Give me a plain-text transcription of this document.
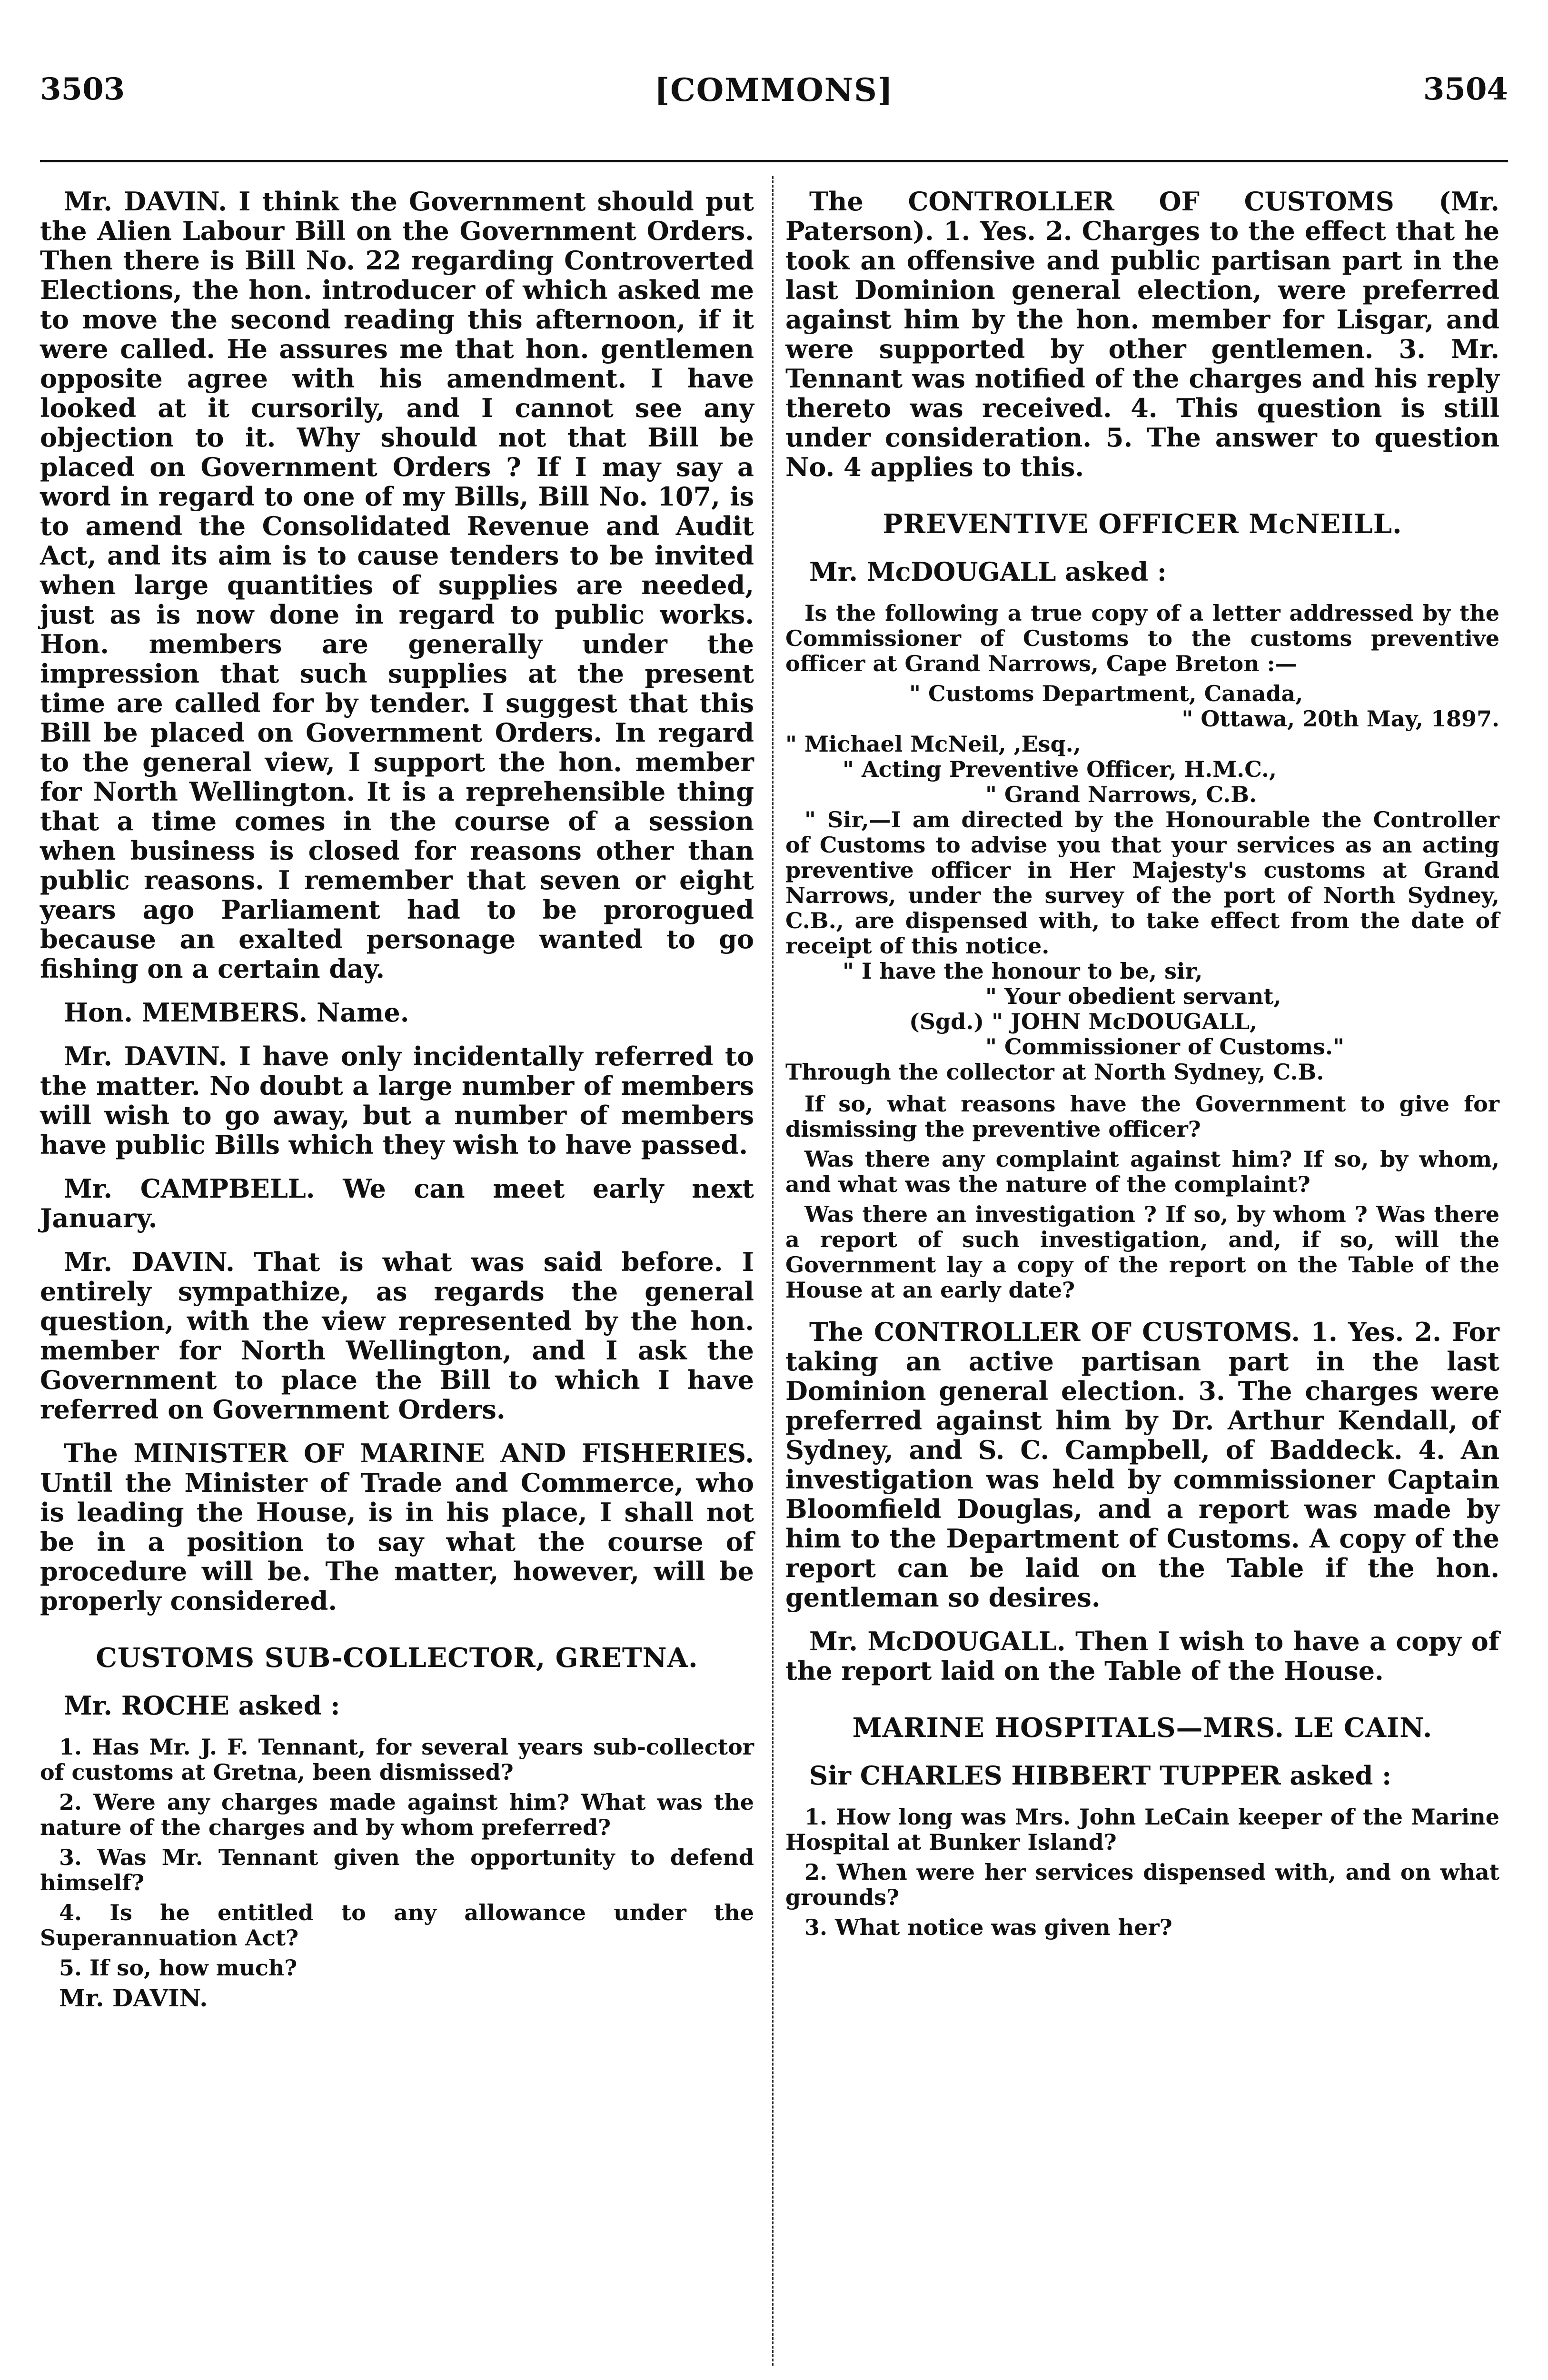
3503	[COMMONS]	3504

Mr. DAVIN. I think the Government should put the Alien Labour Bill on the Government Orders. Then there is Bill No. 22 regarding Controverted Elections, the hon. introducer of which asked me to move the second reading this afternoon, if it were called. He assures me that hon. gentlemen opposite agree with his amendment. I have looked at it cursorily, and I cannot see any objection to it. Why should not that Bill be placed on Government Orders ? If I may say a word in regard to one of my Bills, Bill No. 107, is to amend the Consolidated Revenue and Audit Act, and its aim is to cause tenders to be invited when large quantities of supplies are needed, just as is now done in regard to public works. Hon. members are generally under the impression that such supplies at the present time are called for by tender. I suggest that this Bill be placed on Government Orders. In regard to the general view, I support the hon. member for North Wellington. It is a reprehensible thing that a time comes in the course of a session when business is closed for reasons other than public reasons. I remember that seven or eight years ago Parliament had to be prorogued because an exalted personage wanted to go fishing on a certain day.

Hon. MEMBERS. Name.

Mr. DAVIN. I have only incidentally referred to the matter. No doubt a large number of members will wish to go away, but a number of members have public Bills which they wish to have passed.

Mr. CAMPBELL. We can meet early next January.

Mr. DAVIN. That is what was said before. I entirely sympathize, as regards the general question, with the view represented by the hon. member for North Wellington, and I ask the Government to place the Bill to which I have referred on Government Orders.

The MINISTER OF MARINE AND FISHERIES. Until the Minister of Trade and Commerce, who is leading the House, is in his place, I shall not be in a position to say what the course of procedure will be. The matter, however, will be properly considered.

CUSTOMS SUB-COLLECTOR, GRETNA.

Mr. ROCHE asked :

1. Has Mr. J. F. Tennant, for several years sub-collector of customs at Gretna, been dismissed?
2. Were any charges made against him? What was the nature of the charges and by whom preferred?
3. Was Mr. Tennant given the opportunity to defend himself?
4. Is he entitled to any allowance under the Superannuation Act?
5. If so, how much?
Mr. DAVIN.

The CONTROLLER OF CUSTOMS (Mr. Paterson). 1. Yes. 2. Charges to the effect that he took an offensive and public partisan part in the last Dominion general election, were preferred against him by the hon. member for Lisgar, and were supported by other gentlemen. 3. Mr. Tennant was notified of the charges and his reply thereto was received. 4. This question is still under consideration. 5. The answer to question No. 4 applies to this.

PREVENTIVE OFFICER McNEILL.

Mr. McDOUGALL asked :

Is the following a true copy of a letter addressed by the Commissioner of Customs to the customs preventive officer at Grand Narrows, Cape Breton :—
" Customs Department, Canada,
" Ottawa, 20th May, 1897.
" Michael McNeil, ,Esq.,
" Acting Preventive Officer, H.M.C.,
" Grand Narrows, C.B.
" Sir,—I am directed by the Honourable the Controller of Customs to advise you that your services as an acting preventive officer in Her Majesty's customs at Grand Narrows, under the survey of the port of North Sydney, C.B., are dispensed with, to take effect from the date of receipt of this notice.
" I have the honour to be, sir,
" Your obedient servant,
(Sgd.) " JOHN McDOUGALL,
" Commissioner of Customs."
Through the collector at North Sydney, C.B.
If so, what reasons have the Government to give for dismissing the preventive officer?
Was there any complaint against him? If so, by whom, and what was the nature of the complaint?
Was there an investigation ? If so, by whom ? Was there a report of such investigation, and, if so, will the Government lay a copy of the report on the Table of the House at an early date?

The CONTROLLER OF CUSTOMS. 1. Yes. 2. For taking an active partisan part in the last Dominion general election. 3. The charges were preferred against him by Dr. Arthur Kendall, of Sydney, and S. C. Campbell, of Baddeck. 4. An investigation was held by commissioner Captain Bloomfield Douglas, and a report was made by him to the Department of Customs. A copy of the report can be laid on the Table if the hon. gentleman so desires.

Mr. McDOUGALL. Then I wish to have a copy of the report laid on the Table of the House.

MARINE HOSPITALS—MRS. LE CAIN.

Sir CHARLES HIBBERT TUPPER asked :

1. How long was Mrs. John LeCain keeper of the Marine Hospital at Bunker Island?
2. When were her services dispensed with, and on what grounds?
3. What notice was given her?
